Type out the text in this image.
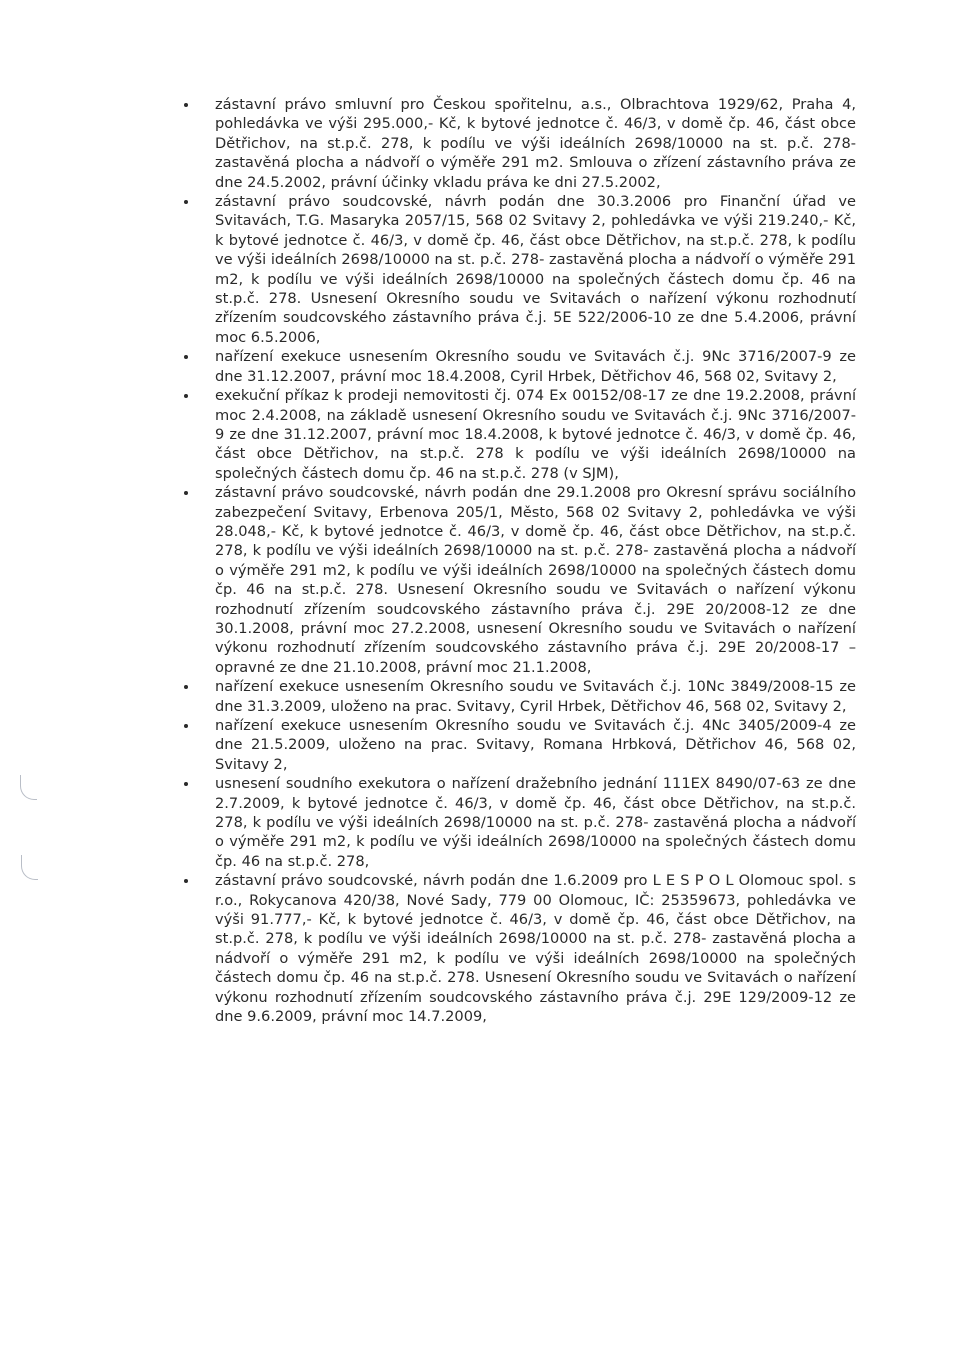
zástavní právo smluvní pro Českou spořitelnu, a.s., Olbrachtova 1929/62, Praha 4, pohledávka ve výši 295.000,- Kč, k bytové jednotce č. 46/3, v domě čp. 46, část obce Dětřichov, na st.p.č. 278, k podílu ve výši ideálních 2698/10000 na st. p.č. 278- zastavěná plocha a nádvoří o výměře 291 m2. Smlouva o zřízení zástavního práva ze dne 24.5.2002, právní účinky vkladu práva ke dni 27.5.2002,
zástavní právo soudcovské, návrh podán dne 30.3.2006 pro Finanční úřad ve Svitavách, T.G. Masaryka 2057/15, 568 02 Svitavy 2, pohledávka ve výši 219.240,- Kč, k bytové jednotce č. 46/3, v domě čp. 46, část obce Dětřichov, na st.p.č. 278, k podílu ve výši ideálních 2698/10000 na st. p.č. 278- zastavěná plocha a nádvoří o výměře 291 m2, k podílu ve výši ideálních 2698/10000 na společných částech domu čp. 46 na st.p.č. 278. Usnesení Okresního soudu ve Svitavách o nařízení výkonu rozhodnutí zřízením soudcovského zástavního práva č.j. 5E 522/2006-10 ze dne 5.4.2006, právní moc 6.5.2006,
nařízení exekuce usnesením Okresního soudu ve Svitavách č.j. 9Nc 3716/2007-9 ze dne 31.12.2007, právní moc 18.4.2008, Cyril Hrbek, Dětřichov 46, 568 02, Svitavy 2,
exekuční příkaz k prodeji nemovitosti čj. 074 Ex 00152/08-17 ze dne 19.2.2008, právní moc 2.4.2008, na základě usnesení Okresního soudu ve Svitavách č.j. 9Nc 3716/2007-9 ze dne 31.12.2007, právní moc 18.4.2008, k bytové jednotce č. 46/3, v domě čp. 46, část obce Dětřichov, na st.p.č. 278 k podílu ve výši ideálních 2698/10000 na společných částech domu čp. 46 na st.p.č. 278 (v SJM),
zástavní právo soudcovské, návrh podán dne 29.1.2008 pro Okresní správu sociálního zabezpečení Svitavy, Erbenova 205/1, Město, 568 02 Svitavy 2, pohledávka ve výši 28.048,- Kč, k bytové jednotce č. 46/3, v domě čp. 46, část obce Dětřichov, na st.p.č. 278, k podílu ve výši ideálních 2698/10000 na st. p.č. 278- zastavěná plocha a nádvoří o výměře 291 m2, k podílu ve výši ideálních 2698/10000 na společných částech domu čp. 46 na st.p.č. 278. Usnesení Okresního soudu ve Svitavách o nařízení výkonu rozhodnutí zřízením soudcovského zástavního práva č.j. 29E 20/2008-12 ze dne 30.1.2008, právní moc 27.2.2008, usnesení Okresního soudu ve Svitavách o nařízení výkonu rozhodnutí zřízením soudcovského zástavního práva č.j. 29E 20/2008-17 – opravné ze dne 21.10.2008, právní moc 21.1.2008,
nařízení exekuce usnesením Okresního soudu ve Svitavách č.j. 10Nc 3849/2008-15 ze dne 31.3.2009, uloženo na prac. Svitavy, Cyril Hrbek, Dětřichov 46, 568 02, Svitavy 2,
nařízení exekuce usnesením Okresního soudu ve Svitavách č.j. 4Nc 3405/2009-4 ze dne 21.5.2009, uloženo na prac. Svitavy, Romana Hrbková, Dětřichov 46, 568 02, Svitavy 2,
usnesení soudního exekutora o nařízení dražebního jednání 111EX 8490/07-63 ze dne 2.7.2009, k bytové jednotce č. 46/3, v domě čp. 46, část obce Dětřichov, na st.p.č. 278, k podílu ve výši ideálních 2698/10000 na st. p.č. 278- zastavěná plocha a nádvoří o výměře 291 m2, k podílu ve výši ideálních 2698/10000 na společných částech domu čp. 46 na st.p.č. 278,
zástavní právo soudcovské, návrh podán dne 1.6.2009 pro L E S P O L Olomouc spol. s r.o., Rokycanova 420/38, Nové Sady, 779 00 Olomouc, IČ: 25359673, pohledávka ve výši 91.777,- Kč, k bytové jednotce č. 46/3, v domě čp. 46, část obce Dětřichov, na st.p.č. 278, k podílu ve výši ideálních 2698/10000 na st. p.č. 278- zastavěná plocha a nádvoří o výměře 291 m2, k podílu ve výši ideálních 2698/10000 na společných částech domu čp. 46 na st.p.č. 278. Usnesení Okresního soudu ve Svitavách o nařízení výkonu rozhodnutí zřízením soudcovského zástavního práva č.j. 29E 129/2009-12 ze dne 9.6.2009, právní moc 14.7.2009,
